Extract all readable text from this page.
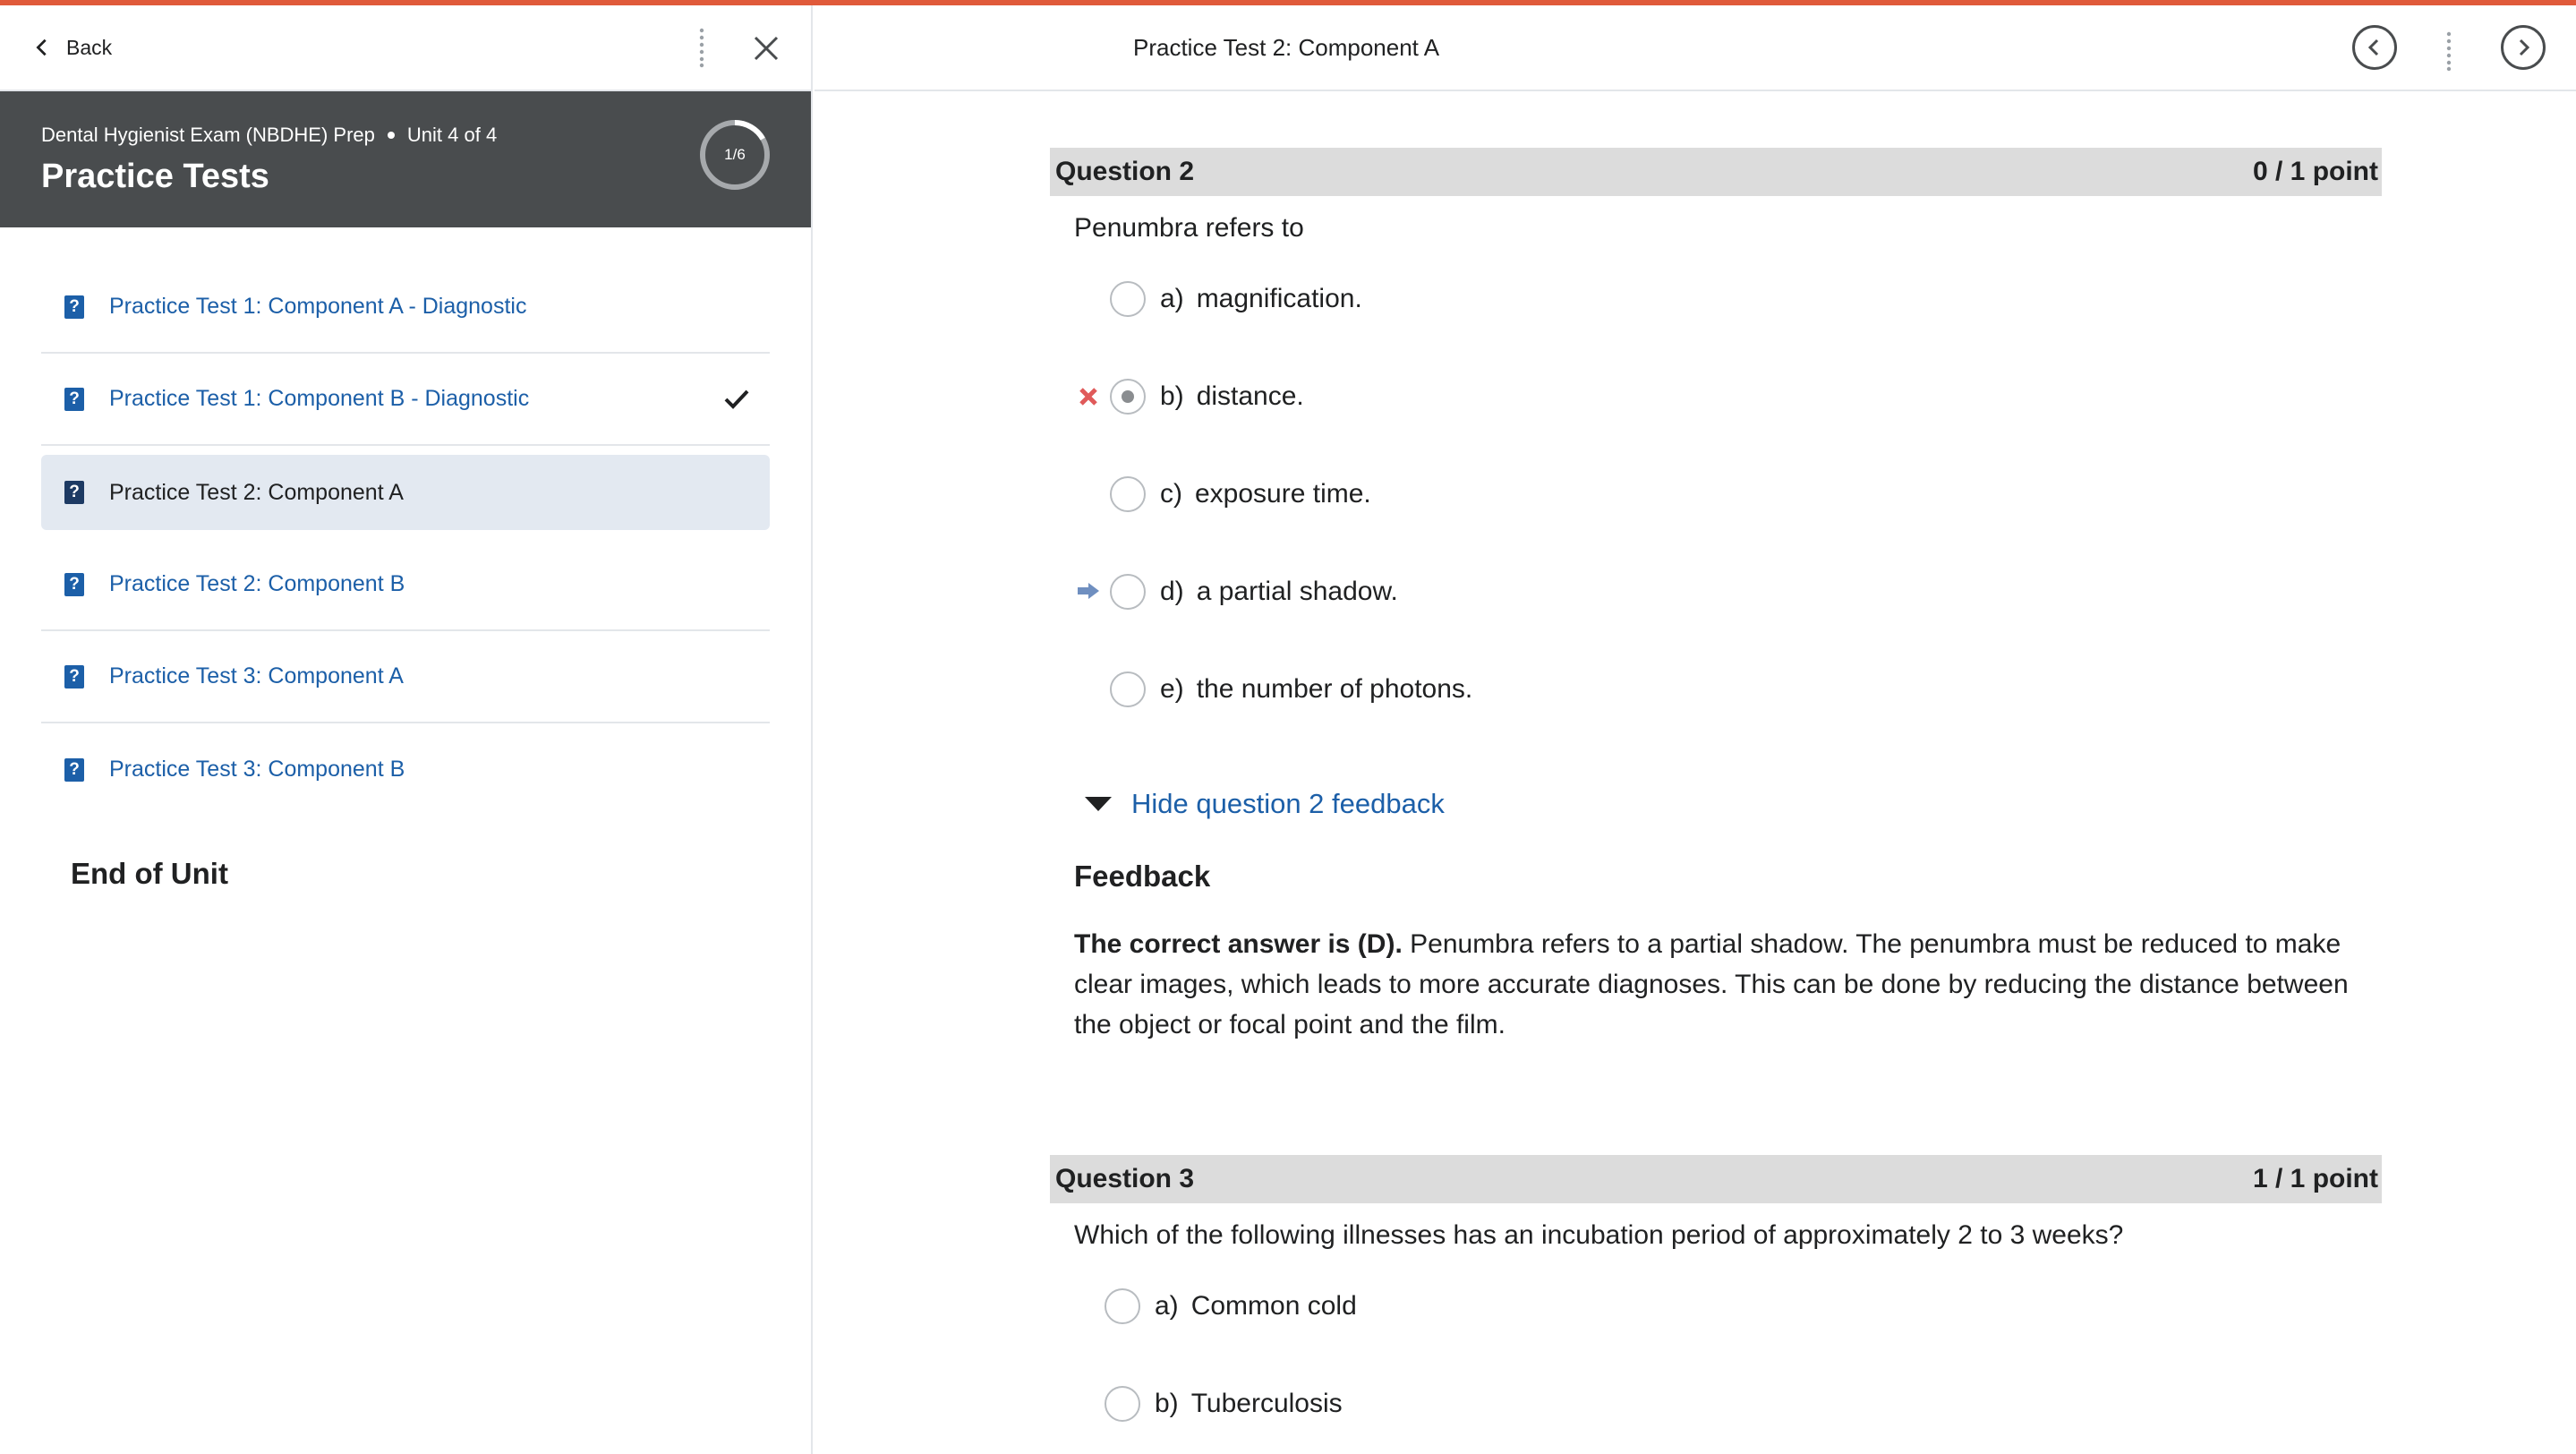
Back
Dental Hygienist Exam (NBDHE) Prep Unit 4 of 4
Practice Tests
1/6
? Practice Test 1: Component A - Diagnostic
? Practice Test 1: Component B - Diagnostic
? Practice Test 2: Component A
? Practice Test 2: Component B
? Practice Test 3: Component A
? Practice Test 3: Component B
End of Unit
Practice Test 2: Component A
Question 2	0 / 1 point
Penumbra refers to
a) magnification.
b) distance.
c) exposure time.
d) a partial shadow.
e) the number of photons.
Hide question 2 feedback
Feedback
The correct answer is (D). Penumbra refers to a partial shadow. The penumbra must be reduced to make clear images, which leads to more accurate diagnoses. This can be done by reducing the distance between the object or focal point and the film.
Question 3	1 / 1 point
Which of the following illnesses has an incubation period of approximately 2 to 3 weeks?
a) Common cold
b) Tuberculosis
